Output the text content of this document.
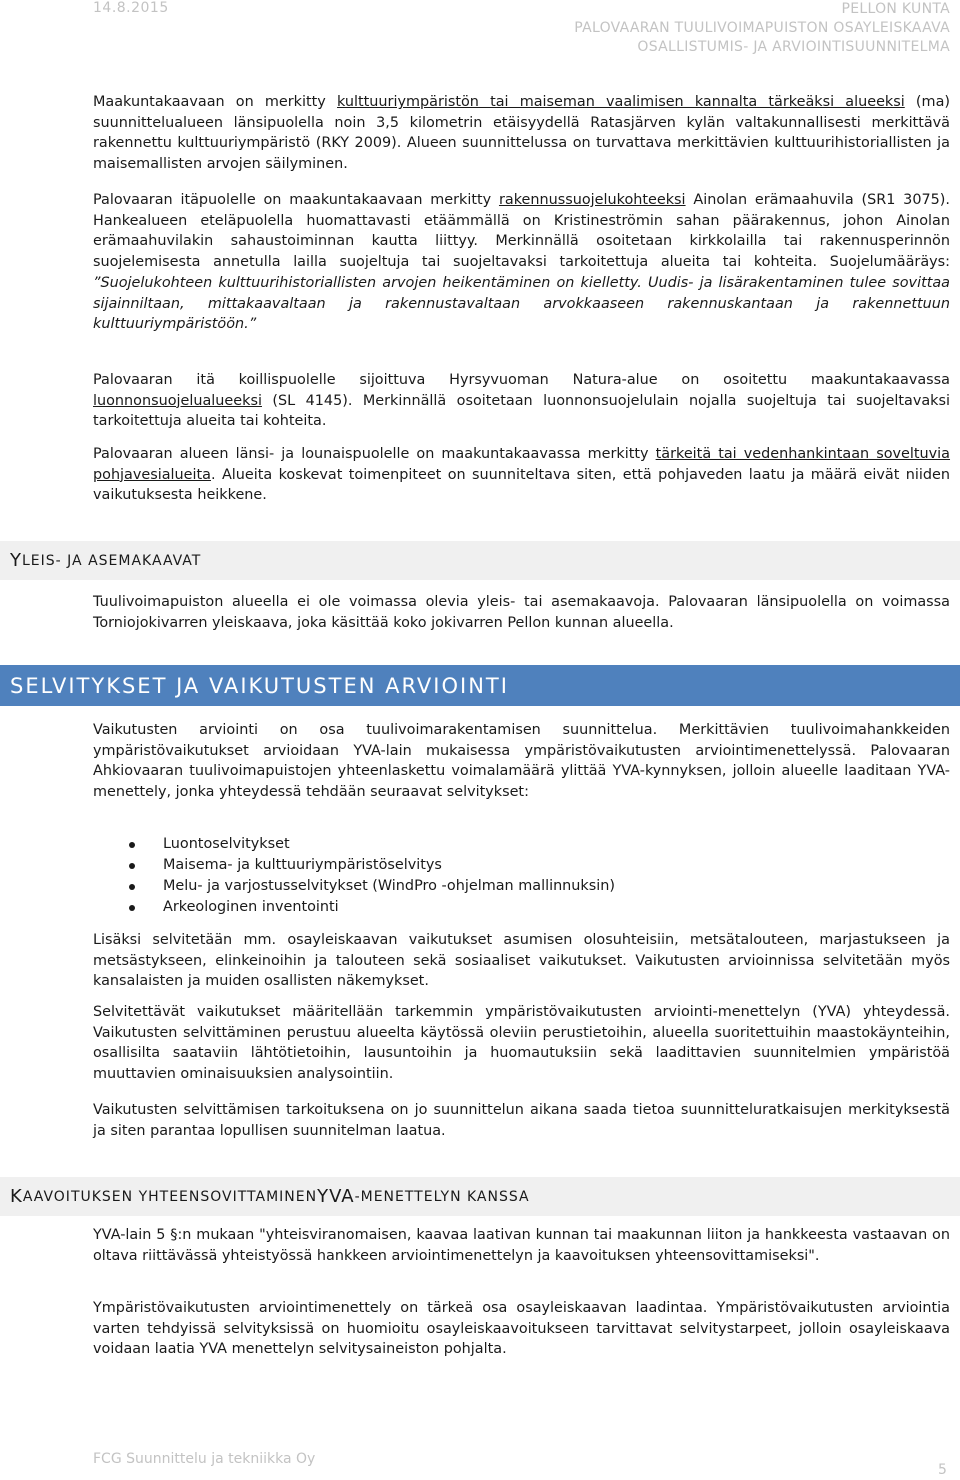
14.8.2015	PELLON KUNTA
PALOVAARAN TUULIVOIMAPUISTON OSAYLEISKAAVA
OSALLISTUMIS- JA ARVIOINTISUUNNITELMA

Maakuntakaavaan on merkitty kulttuuriympäristön tai maiseman vaalimisen kannalta tärkeäksi alueeksi (ma) suunnittelualueen länsipuolella noin 3,5 kilometrin etäisyydellä Ratasjärven kylän valtakunnallisesti merkittävä rakennettu kulttuuriympäristö (RKY 2009). Alueen suunnittelussa on turvattava merkittävien kulttuurihistoriallisten ja maisemallisten arvojen säilyminen.

Palovaaran itäpuolelle on maakuntakaavaan merkitty rakennussuojelukohteeksi Ainolan erämaahuvila (SR1 3075). Hankealueen eteläpuolella huomattavasti etäämmällä on Kristineströmin sahan päärakennus, johon Ainolan erämaahuvilakin sahaustoiminnan kautta liittyy. Merkinnällä osoitetaan kirkkolailla tai rakennusperinnön suojelemisesta annetulla lailla suojeltuja tai suojeltavaksi tarkoitettuja alueita tai kohteita. Suojelumääräys: ”Suojelukohteen kulttuurihistoriallisten arvojen heikentäminen on kielletty. Uudis- ja lisärakentaminen tulee sovittaa sijainniltaan, mittakaavaltaan ja rakennustavaltaan arvokkaaseen rakennuskantaan ja rakennettuun kulttuuriympäristöön.”

Palovaaran itä koillispuolelle sijoittuva Hyrsyvuoman Natura-alue on osoitettu maakuntakaavassa luonnonsuojelualueeksi (SL 4145). Merkinnällä osoitetaan luonnonsuojelulain nojalla suojeltuja tai suojeltavaksi tarkoitettuja alueita tai kohteita.

Palovaaran alueen länsi- ja lounaispuolelle on maakuntakaavassa merkitty tärkeitä tai vedenhankintaan soveltuvia pohjavesialueita. Alueita koskevat toimenpiteet on suunniteltava siten, että pohjaveden laatu ja määrä eivät niiden vaikutuksesta heikkene.

Y LEIS- JA ASEMAKAAVAT

Tuulivoimapuiston alueella ei ole voimassa olevia yleis- tai asemakaavoja. Palovaaran länsipuolella on voimassa Torniojokivarren yleiskaava, joka käsittää koko jokivarren Pellon kunnan alueella.

SELVITYKSET JA VAIKUTUSTEN ARVIOINTI

Vaikutusten arviointi on osa tuulivoimarakentamisen suunnittelua. Merkittävien tuulivoimahankkeiden ympäristövaikutukset arvioidaan YVA-lain mukaisessa ympäristövaikutusten arviointimenettelyssä. Palovaaran Ahkiovaaran tuulivoimapuistojen yhteenlaskettu voimalamäärä ylittää YVA-kynnyksen, jolloin alueelle laaditaan YVA-menettely, jonka yhteydessä tehdään seuraavat selvitykset:

Luontoselvitykset
Maisema- ja kulttuuriympäristöselvitys
Melu- ja varjostusselvitykset (WindPro -ohjelman mallinnuksin)
Arkeologinen inventointi

Lisäksi selvitetään mm. osayleiskaavan vaikutukset asumisen olosuhteisiin, metsätalouteen, marjastukseen ja metsästykseen, elinkeinoihin ja talouteen sekä sosiaaliset vaikutukset. Vaikutusten arvioinnissa selvitetään myös kansalaisten ja muiden osallisten näkemykset.

Selvitettävät vaikutukset määritellään tarkemmin ympäristövaikutusten arviointi-menettelyn (YVA) yhteydessä. Vaikutusten selvittäminen perustuu alueelta käytössä oleviin perustietoihin, alueella suoritettuihin maastokäynteihin, osallisilta saataviin lähtötietoihin, lausuntoihin ja huomautuksiin sekä laadittavien suunnitelmien ympäristöä muuttavien ominaisuuksien analysointiin.

Vaikutusten selvittämisen tarkoituksena on jo suunnittelun aikana saada tietoa suunnitteluratkaisujen merkityksestä ja siten parantaa lopullisen suunnitelman laatua.

K AAVOITUKSEN YHTEENSOVITTAMINEN YVA -MENETTELYN KANSSA

YVA-lain 5 §:n mukaan "yhteisviranomaisen, kaavaa laativan kunnan tai maakunnan liiton ja hankkeesta vastaavan on oltava riittävässä yhteistyössä hankkeen arviointimenettelyn ja kaavoituksen yhteensovittamiseksi".

Ympäristövaikutusten arviointimenettely on tärkeä osa osayleiskaavan laadintaa. Ympäristövaikutusten arviointia varten tehdyissä selvityksissä on huomioitu osayleiskaavoitukseen tarvittavat selvitystarpeet, jolloin osayleiskaava voidaan laatia YVA menettelyn selvitysaineiston pohjalta.

FCG Suunnittelu ja tekniikka Oy
5
